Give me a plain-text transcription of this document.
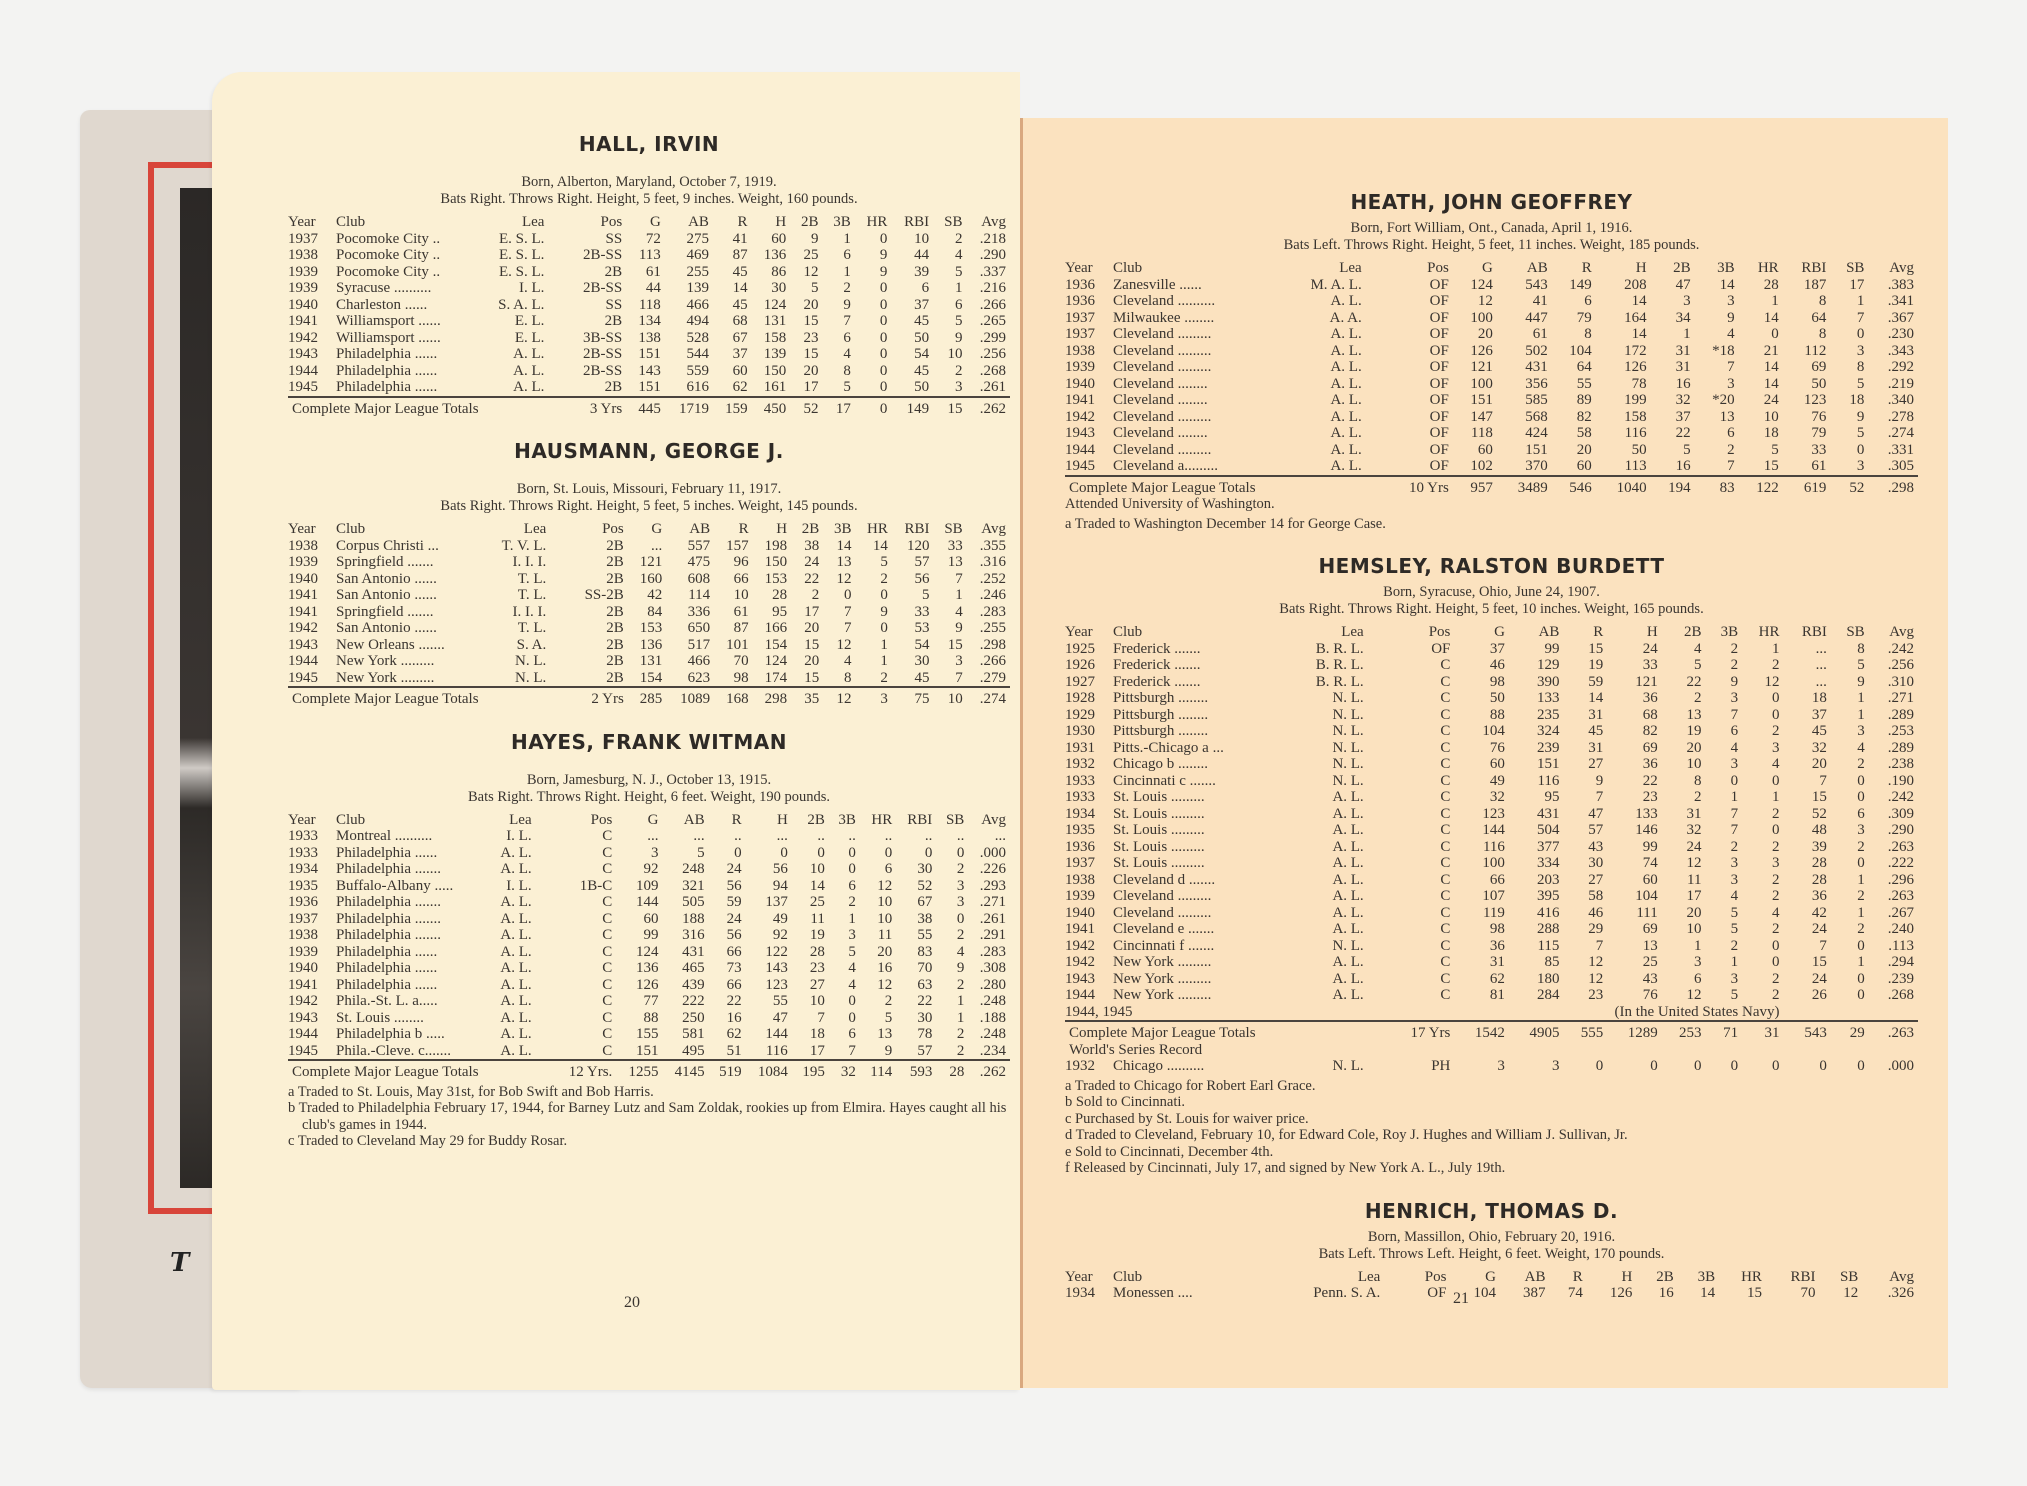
T
HALL, IRVIN
Born, Alberton, Maryland, October 7, 1919.
Bats Right. Throws Right. Height, 5 feet, 9 inches. Weight, 160 pounds.
Year	Club	Lea	Pos	G	AB	R	H	2B	3B	HR	RBI	SB	Avg
1937	Pocomoke City ..	E. S. L.	SS	72	275	41	60	9	1	0	10	2	.218
1938	Pocomoke City ..	E. S. L.	2B-SS	113	469	87	136	25	6	9	44	4	.290
1939	Pocomoke City ..	E. S. L.	2B	61	255	45	86	12	1	9	39	5	.337
1939	Syracuse ..........	I. L.	2B-SS	44	139	14	30	5	2	0	6	1	.216
1940	Charleston ......	S. A. L.	SS	118	466	45	124	20	9	0	37	6	.266
1941	Williamsport ......	E. L.	2B	134	494	68	131	15	7	0	45	5	.265
1942	Williamsport ......	E. L.	3B-SS	138	528	67	158	23	6	0	50	9	.299
1943	Philadelphia ......	A. L.	2B-SS	151	544	37	139	15	4	0	54	10	.256
1944	Philadelphia ......	A. L.	2B-SS	143	559	60	150	20	8	0	45	2	.268
1945	Philadelphia ......	A. L.	2B	151	616	62	161	17	5	0	50	3	.261
Complete Major League Totals			3 Yrs	445	1719	159	450	52	17	0	149	15	.262
HAUSMANN, GEORGE J.
Born, St. Louis, Missouri, February 11, 1917.
Bats Right. Throws Right. Height, 5 feet, 5 inches. Weight, 145 pounds.
Year	Club	Lea	Pos	G	AB	R	H	2B	3B	HR	RBI	SB	Avg
1938	Corpus Christi ...	T. V. L.	2B	...	557	157	198	38	14	14	120	33	.355
1939	Springfield .......	I. I. I.	2B	121	475	96	150	24	13	5	57	13	.316
1940	San Antonio ......	T. L.	2B	160	608	66	153	22	12	2	56	7	.252
1941	San Antonio ......	T. L.	SS-2B	42	114	10	28	2	0	0	5	1	.246
1941	Springfield .......	I. I. I.	2B	84	336	61	95	17	7	9	33	4	.283
1942	San Antonio ......	T. L.	2B	153	650	87	166	20	7	0	53	9	.255
1943	New Orleans .......	S. A.	2B	136	517	101	154	15	12	1	54	15	.298
1944	New York .........	N. L.	2B	131	466	70	124	20	4	1	30	3	.266
1945	New York .........	N. L.	2B	154	623	98	174	15	8	2	45	7	.279
Complete Major League Totals			2 Yrs	285	1089	168	298	35	12	3	75	10	.274
HAYES, FRANK WITMAN
Born, Jamesburg, N. J., October 13, 1915.
Bats Right. Throws Right. Height, 6 feet. Weight, 190 pounds.
Year	Club	Lea	Pos	G	AB	R	H	2B	3B	HR	RBI	SB	Avg
1933	Montreal ..........	I. L.	C	...	...	..	...	..	..	..	..	..	...
1933	Philadelphia ......	A. L.	C	3	5	0	0	0	0	0	0	0	.000
1934	Philadelphia .......	A. L.	C	92	248	24	56	10	0	6	30	2	.226
1935	Buffalo-Albany .....	I. L.	1B-C	109	321	56	94	14	6	12	52	3	.293
1936	Philadelphia .......	A. L.	C	144	505	59	137	25	2	10	67	3	.271
1937	Philadelphia .......	A. L.	C	60	188	24	49	11	1	10	38	0	.261
1938	Philadelphia .......	A. L.	C	99	316	56	92	19	3	11	55	2	.291
1939	Philadelphia ......	A. L.	C	124	431	66	122	28	5	20	83	4	.283
1940	Philadelphia ......	A. L.	C	136	465	73	143	23	4	16	70	9	.308
1941	Philadelphia ......	A. L.	C	126	439	66	123	27	4	12	63	2	.280
1942	Phila.-St. L. a.....	A. L.	C	77	222	22	55	10	0	2	22	1	.248
1943	St. Louis ........	A. L.	C	88	250	16	47	7	0	5	30	1	.188
1944	Philadelphia b .....	A. L.	C	155	581	62	144	18	6	13	78	2	.248
1945	Phila.-Cleve. c.......	A. L.	C	151	495	51	116	17	7	9	57	2	.234
Complete Major League Totals			12 Yrs.	1255	4145	519	1084	195	32	114	593	28	.262
a Traded to St. Louis, May 31st, for Bob Swift and Bob Harris.
b Traded to Philadelphia February 17, 1944, for Barney Lutz and Sam Zoldak, rookies up from Elmira. Hayes caught all his club's games in 1944.
c Traded to Cleveland May 29 for Buddy Rosar.
20
HEATH, JOHN GEOFFREY
Born, Fort William, Ont., Canada, April 1, 1916.
Bats Left. Throws Right. Height, 5 feet, 11 inches. Weight, 185 pounds.
Year	Club	Lea	Pos	G	AB	R	H	2B	3B	HR	RBI	SB	Avg
1936	Zanesville ......	M. A. L.	OF	124	543	149	208	47	14	28	187	17	.383
1936	Cleveland ..........	A. L.	OF	12	41	6	14	3	3	1	8	1	.341
1937	Milwaukee ........	A. A.	OF	100	447	79	164	34	9	14	64	7	.367
1937	Cleveland .........	A. L.	OF	20	61	8	14	1	4	0	8	0	.230
1938	Cleveland .........	A. L.	OF	126	502	104	172	31	*18	21	112	3	.343
1939	Cleveland .........	A. L.	OF	121	431	64	126	31	7	14	69	8	.292
1940	Cleveland ........	A. L.	OF	100	356	55	78	16	3	14	50	5	.219
1941	Cleveland ........	A. L.	OF	151	585	89	199	32	*20	24	123	18	.340
1942	Cleveland .........	A. L.	OF	147	568	82	158	37	13	10	76	9	.278
1943	Cleveland ........	A. L.	OF	118	424	58	116	22	6	18	79	5	.274
1944	Cleveland .........	A. L.	OF	60	151	20	50	5	2	5	33	0	.331
1945	Cleveland a.........	A. L.	OF	102	370	60	113	16	7	15	61	3	.305
Complete Major League Totals			10 Yrs	957	3489	546	1040	194	83	122	619	52	.298
Attended University of Washington.
a Traded to Washington December 14 for George Case.
HEMSLEY, RALSTON BURDETT
Born, Syracuse, Ohio, June 24, 1907.
Bats Right. Throws Right. Height, 5 feet, 10 inches. Weight, 165 pounds.
Year	Club	Lea	Pos	G	AB	R	H	2B	3B	HR	RBI	SB	Avg
1925	Frederick .......	B. R. L.	OF	37	99	15	24	4	2	1	...	8	.242
1926	Frederick .......	B. R. L.	C	46	129	19	33	5	2	2	...	5	.256
1927	Frederick .......	B. R. L.	C	98	390	59	121	22	9	12	...	9	.310
1928	Pittsburgh ........	N. L.	C	50	133	14	36	2	3	0	18	1	.271
1929	Pittsburgh ........	N. L.	C	88	235	31	68	13	7	0	37	1	.289
1930	Pittsburgh ........	N. L.	C	104	324	45	82	19	6	2	45	3	.253
1931	Pitts.-Chicago a ...	N. L.	C	76	239	31	69	20	4	3	32	4	.289
1932	Chicago b ........	N. L.	C	60	151	27	36	10	3	4	20	2	.238
1933	Cincinnati c .......	N. L.	C	49	116	9	22	8	0	0	7	0	.190
1933	St. Louis .........	A. L.	C	32	95	7	23	2	1	1	15	0	.242
1934	St. Louis .........	A. L.	C	123	431	47	133	31	7	2	52	6	.309
1935	St. Louis .........	A. L.	C	144	504	57	146	32	7	0	48	3	.290
1936	St. Louis .........	A. L.	C	116	377	43	99	24	2	2	39	2	.263
1937	St. Louis .........	A. L.	C	100	334	30	74	12	3	3	28	0	.222
1938	Cleveland d .......	A. L.	C	66	203	27	60	11	3	2	28	1	.296
1939	Cleveland .........	A. L.	C	107	395	58	104	17	4	2	36	2	.263
1940	Cleveland .........	A. L.	C	119	416	46	111	20	5	4	42	1	.267
1941	Cleveland e .......	A. L.	C	98	288	29	69	10	5	2	24	2	.240
1942	Cincinnati f .......	N. L.	C	36	115	7	13	1	2	0	7	0	.113
1942	New York .........	A. L.	C	31	85	12	25	3	1	0	15	1	.294
1943	New York .........	A. L.	C	62	180	12	43	6	3	2	24	0	.239
1944	New York .........	A. L.	C	81	284	23	76	12	5	2	26	0	.268
1944, 1945			(In the United States Navy)										
Complete Major League Totals			17 Yrs	1542	4905	555	1289	253	71	31	543	29	.263
World's Series Record													
1932	Chicago ..........	N. L.	PH	3	3	0	0	0	0	0	0	0	.000
a Traded to Chicago for Robert Earl Grace.
b Sold to Cincinnati.
c Purchased by St. Louis for waiver price.
d Traded to Cleveland, February 10, for Edward Cole, Roy J. Hughes and William J. Sullivan, Jr.
e Sold to Cincinnati, December 4th.
f Released by Cincinnati, July 17, and signed by New York A. L., July 19th.
HENRICH, THOMAS D.
Born, Massillon, Ohio, February 20, 1916.
Bats Left. Throws Left. Height, 6 feet. Weight, 170 pounds.
Year	Club	Lea	Pos	G	AB	R	H	2B	3B	HR	RBI	SB	Avg
1934	Monessen ....	Penn. S. A.	OF	104	387	74	126	16	14	15	70	12	.326
21
